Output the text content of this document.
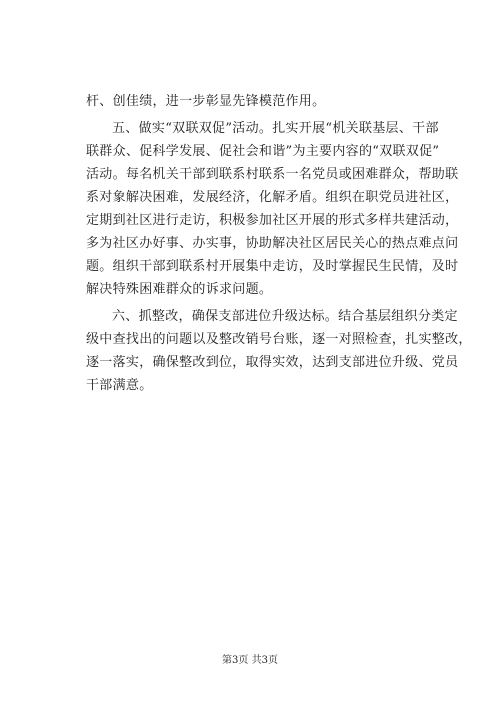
杆、创佳绩，进一步彰显先锋模范作用。
五、做实“双联双促”活动。扎实开展“机关联基层、干部
联群众、促科学发展、促社会和谐”为主要内容的“双联双促”
活动。每名机关干部到联系村联系一名党员或困难群众，帮助联
系对象解决困难，发展经济，化解矛盾。组织在职党员进社区，
定期到社区进行走访，积极参加社区开展的形式多样共建活动，
多为社区办好事、办实事，协助解决社区居民关心的热点难点问
题。组织干部到联系村开展集中走访，及时掌握民生民情，及时
解决特殊困难群众的诉求问题。
六、抓整改，确保支部进位升级达标。结合基层组织分类定
级中查找出的问题以及整改销号台账，逐一对照检查，扎实整改，
逐一落实，确保整改到位，取得实效，达到支部进位升级、党员
干部满意。
第3页 共3页
